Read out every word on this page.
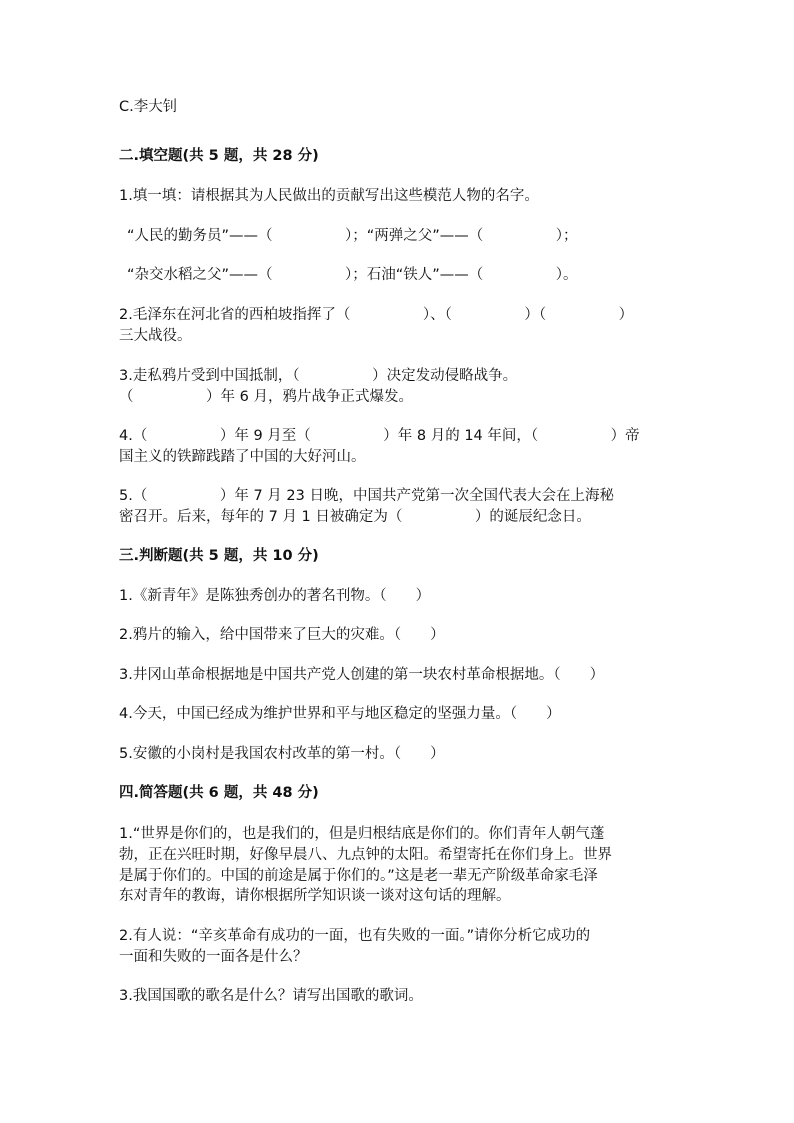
C.李大钊
二.填空题(共 5 题，共 28 分)
1.填一填：请根据其为人民做出的贡献写出这些模范人物的名字。
“人民的勤务员”——（　　　　　）；“两弹之父”——（　　　　　）；
“杂交水稻之父”——（　　　　　）；石油“铁人”——（　　　　　）。
2.毛泽东在河北省的西柏坡指挥了（　　　　　）、（　　　　　）（　　　　　）
三大战役。
3.走私鸦片受到中国抵制，（　　　　　）决定发动侵略战争。
（　　　　　）年 6 月，鸦片战争正式爆发。
4.（　　　　　）年 9 月至（　　　　　）年 8 月的 14 年间，（　　　　　）帝
国主义的铁蹄践踏了中国的大好河山。
5.（　　　　　）年 7 月 23 日晚，中国共产党第一次全国代表大会在上海秘
密召开。后来，每年的 7 月 1 日被确定为（　　　　　）的诞辰纪念日。
三.判断题(共 5 题，共 10 分)
1.《新青年》是陈独秀创办的著名刊物。（　　）
2.鸦片的输入，给中国带来了巨大的灾难。（　　）
3.井冈山革命根据地是中国共产党人创建的第一块农村革命根据地。（　　）
4.今天，中国已经成为维护世界和平与地区稳定的坚强力量。（　　）
5.安徽的小岗村是我国农村改革的第一村。（　　）
四.简答题(共 6 题，共 48 分)
1.“世界是你们的，也是我们的，但是归根结底是你们的。你们青年人朝气蓬
勃，正在兴旺时期，好像早晨八、九点钟的太阳。希望寄托在你们身上。世界
是属于你们的。中国的前途是属于你们的。”这是老一辈无产阶级革命家毛泽
东对青年的教诲，请你根据所学知识谈一谈对这句话的理解。
2.有人说：“辛亥革命有成功的一面，也有失败的一面。”请你分析它成功的
一面和失败的一面各是什么？
3.我国国歌的歌名是什么？请写出国歌的歌词。
